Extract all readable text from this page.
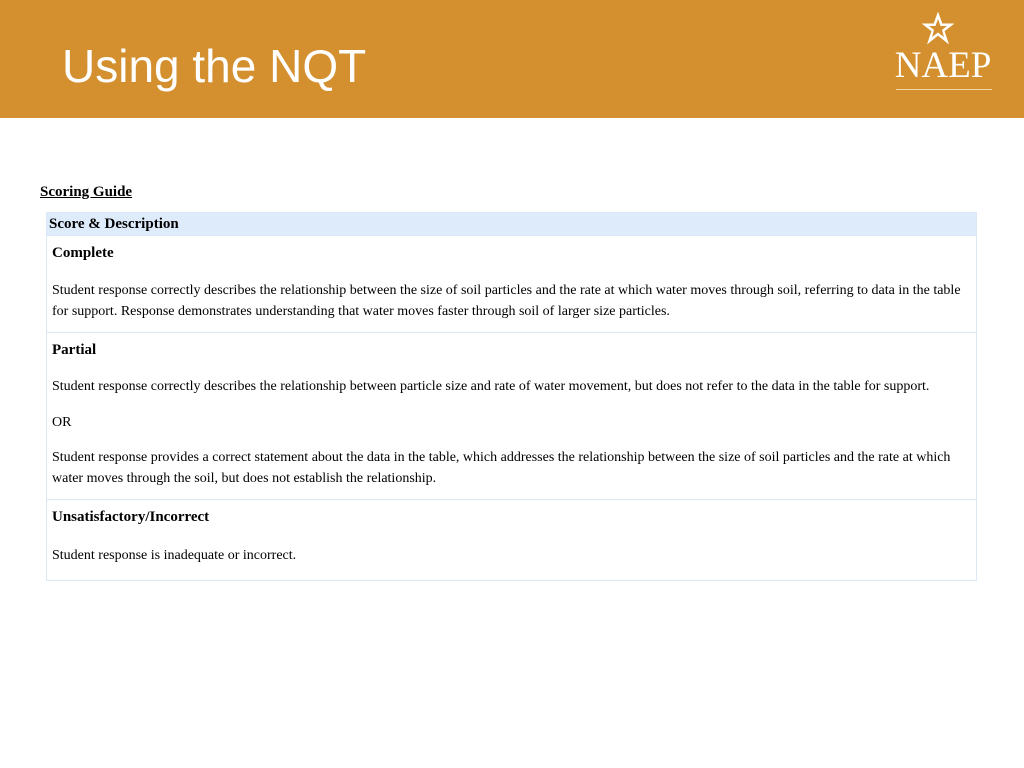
Using the NQT	NAEP
Scoring Guide
Score & Description
Complete

Student response correctly describes the relationship between the size of soil particles and the rate at which water moves through soil, referring to data in the table for support. Response demonstrates understanding that water moves faster through soil of larger size particles.

Partial

Student response correctly describes the relationship between particle size and rate of water movement, but does not refer to the data in the table for support.

OR

Student response provides a correct statement about the data in the table, which addresses the relationship between the size of soil particles and the rate at which water moves through the soil, but does not establish the relationship.

Unsatisfactory/Incorrect

Student response is inadequate or incorrect.
